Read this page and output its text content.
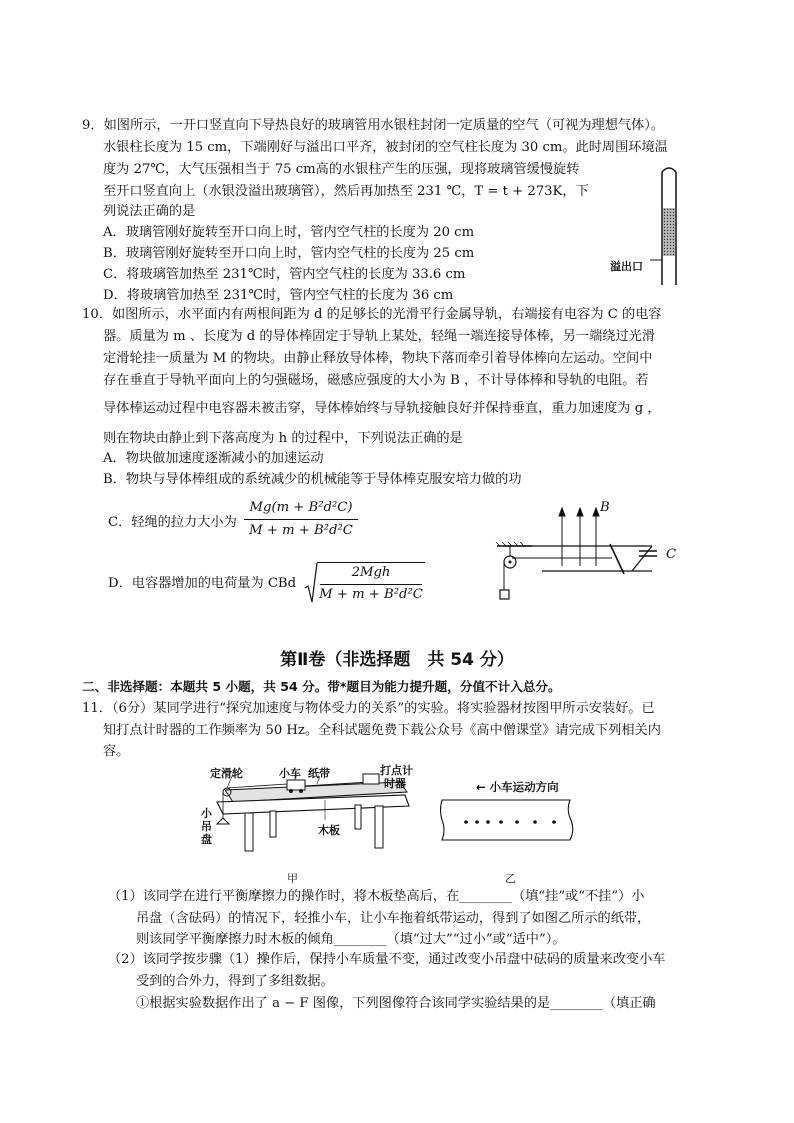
9．如图所示，一开口竖直向下导热良好的玻璃管用水银柱封闭一定质量的空气（可视为理想气体）。
水银柱长度为 15 cm，下端刚好与溢出口平齐，被封闭的空气柱长度为 30 cm。此时周围环境温
度为 27℃，大气压强相当于 75 cm高的水银柱产生的压强，现将玻璃管缓慢旋转
至开口竖直向上（水银没溢出玻璃管），然后再加热至 231 ℃，T = t + 273K，下
列说法正确的是
A．玻璃管刚好旋转至开口向上时，管内空气柱的长度为 20 cm
B．玻璃管刚好旋转至开口向上时，管内空气柱的长度为 25 cm
C．将玻璃管加热至 231℃时，管内空气柱的长度为 33.6 cm
D．将玻璃管加热至 231℃时，管内空气柱的长度为 36 cm
溢出口
10．如图所示，水平面内有两根间距为 d 的足够长的光滑平行金属导轨，右端接有电容为 C 的电容
器。质量为 m 、长度为 d 的导体棒固定于导轨上某处，轻绳一端连接导体棒，另一端绕过光滑
定滑轮挂一质量为 M 的物块。由静止释放导体棒，物块下落而牵引着导体棒向左运动。空间中
存在垂直于导轨平面向上的匀强磁场，磁感应强度的大小为 B ，不计导体棒和导轨的电阻。若
导体棒运动过程中电容器未被击穿，导体棒始终与导轨接触良好并保持垂直，重力加速度为 g ，
则在物块由静止到下落高度为 h 的过程中，下列说法正确的是
A．物块做加速度逐渐减小的加速运动
B．物块与导体棒组成的系统减少的机械能等于导体棒克服安培力做的功
C．轻绳的拉力大小为
Mg(m + B²d²C)
M + m + B²d²C
D．电容器增加的电荷量为 CBd
2Mgh
M + m + B²d²C
B
C
第Ⅱ卷（非选择题　共 54 分）
二、非选择题：本题共 5 小题，共 54 分。带*题目为能力提升题，分值不计入总分。
11．（6分）某同学进行“探究加速度与物体受力的关系”的实验。将实验器材按图甲所示安装好。已
知打点计时器的工作频率为 50 Hz。全科试题免费下载公众号《高中僧课堂》请完成下列相关内
容。
定滑轮	小车 纸带	打点计
时器
小
吊
盘
木板
← 小车运动方向
甲	乙
（1）该同学在进行平衡摩擦力的操作时，将木板垫高后，在________（填“挂”或“不挂”）小
吊盘（含砝码）的情况下，轻推小车，让小车拖着纸带运动，得到了如图乙所示的纸带，
则该同学平衡摩擦力时木板的倾角________（填“过大”“过小”或“适中”）。
（2）该同学按步骤（1）操作后，保持小车质量不变，通过改变小吊盘中砝码的质量来改变小车
受到的合外力，得到了多组数据。
①根据实验数据作出了 a − F 图像，下列图像符合该同学实验结果的是________（填正确
